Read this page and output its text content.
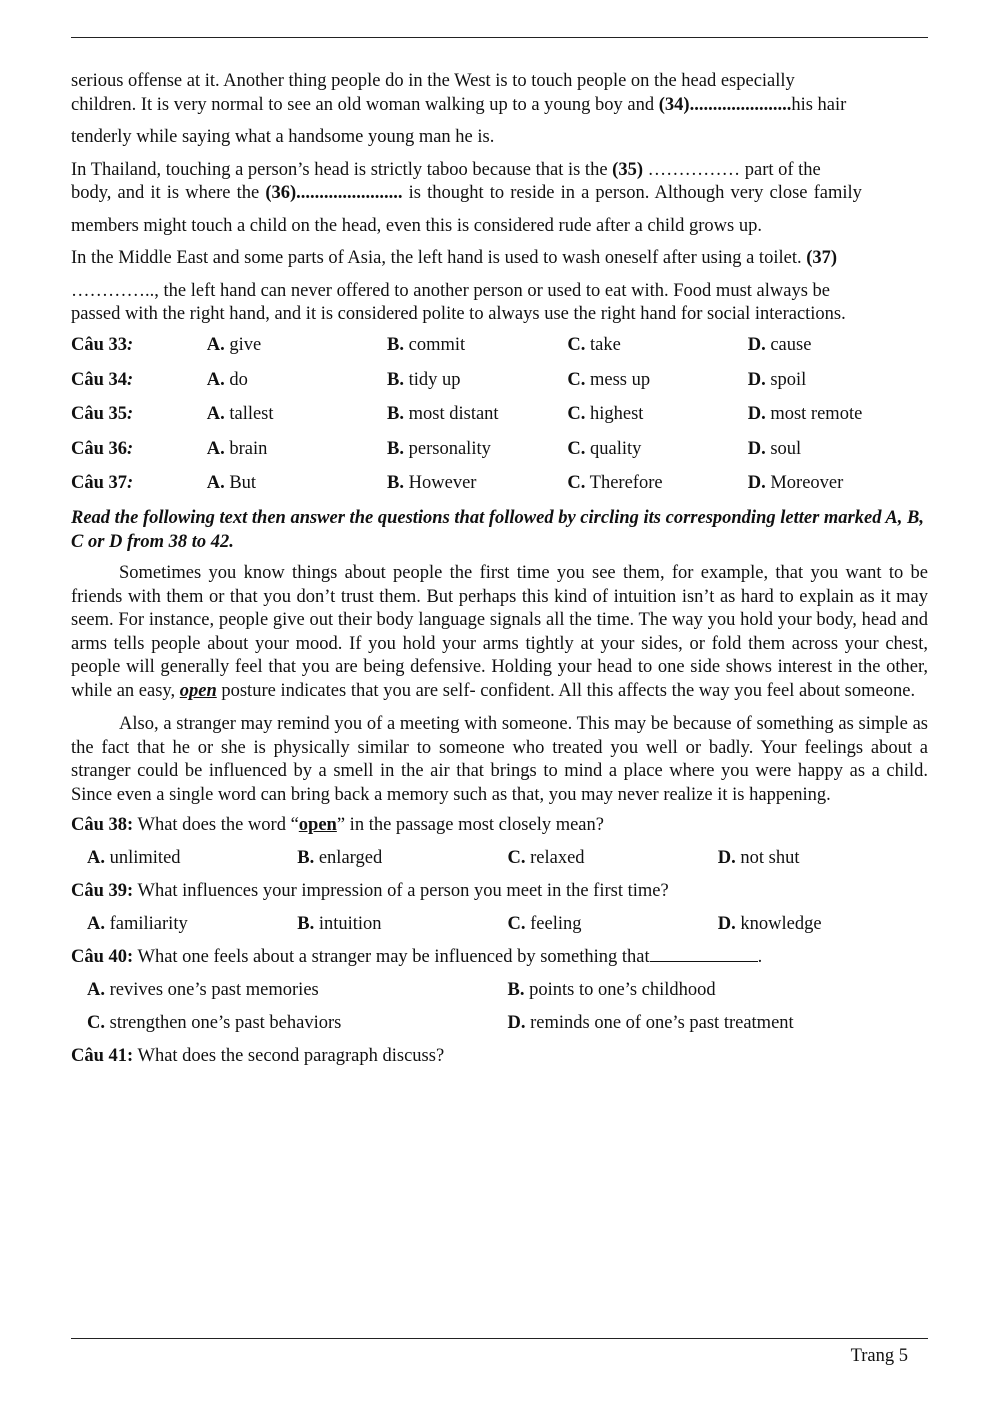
serious offense at it. Another thing people do in the West is to touch people on the head especially

children. It is very normal to see an old woman walking up to a young boy and (34)......................his hair

tenderly while saying what a handsome young man he is.

In Thailand, touching a person’s head is strictly taboo because that is the (35) …………… part of the

body, and it is where the (36)....................... is thought to reside in a person. Although very close family

members might touch a child on the head, even this is considered rude after a child grows up.

In the Middle East and some parts of Asia, the left hand is used to wash oneself after using a toilet. (37)

………….., the left hand can never offered to another person or used to eat with. Food must always be

passed with the right hand, and it is considered polite to always use the right hand for social interactions.

Câu 33:	A. give	B. commit	C. take	D. cause
Câu 34:	A. do	B. tidy up	C. mess up	D. spoil
Câu 35:	A. tallest	B. most distant	C. highest	D. most remote
Câu 36:	A. brain	B. personality	C. quality	D. soul
Câu 37:	A. But	B. However	C. Therefore	D. Moreover

Read the following text then answer the questions that followed by circling its corresponding letter marked A, B, C or D from 38 to 42.

Sometimes you know things about people the first time you see them, for example, that you want to be friends with them or that you don’t trust them. But perhaps this kind of intuition isn’t as hard to explain as it may seem. For instance, people give out their body language signals all the time. The way you hold your body, head and arms tells people about your mood. If you hold your arms tightly at your sides, or fold them across your chest, people will generally feel that you are being defensive. Holding your head to one side shows interest in the other, while an easy, open posture indicates that you are self- confident. All this affects the way you feel about someone.

Also, a stranger may remind you of a meeting with someone. This may be because of something as simple as the fact that he or she is physically similar to someone who treated you well or badly. Your feelings about a stranger could be influenced by a smell in the air that brings to mind a place where you were happy as a child. Since even a single word can bring back a memory such as that, you may never realize it is happening.

Câu 38: What does the word “open” in the passage most closely mean?

A. unlimited	B. enlarged	C. relaxed	D. not shut

Câu 39: What influences your impression of a person you meet in the first time?

A. familiarity	B. intuition	C. feeling	D. knowledge

Câu 40: What one feels about a stranger may be influenced by something that	.

A. revives one’s past memories	B. points to one’s childhood
C. strengthen one’s past behaviors	D. reminds one of one’s past treatment

Câu 41: What does the second paragraph discuss?

Trang 5
